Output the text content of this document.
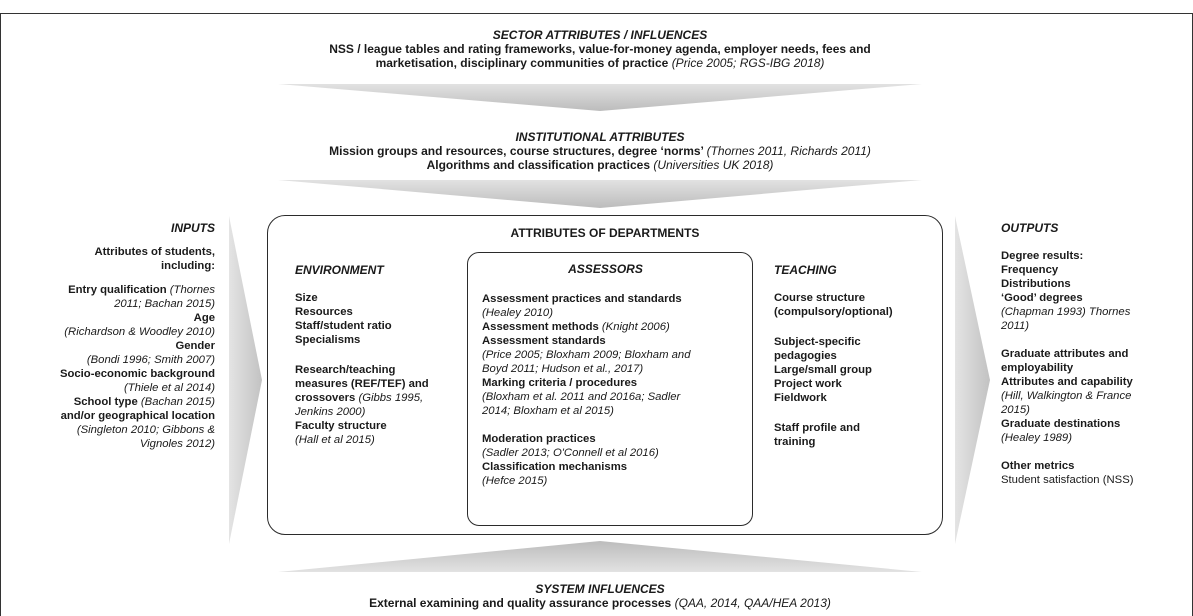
SECTOR ATTRIBUTES / INFLUENCES
NSS / league tables and rating frameworks, value-for-money agenda, employer needs, fees and
marketisation, disciplinary communities of practice (Price 2005; RGS-IBG 2018)
INSTITUTIONAL ATTRIBUTES
Mission groups and resources, course structures, degree ‘norms’ (Thornes 2011, Richards 2011)
Algorithms and classification practices (Universities UK 2018)
INPUTS
Attributes of students,
including:
Entry qualification (Thornes
2011; Bachan 2015)
Age
(Richardson & Woodley 2010)
Gender
(Bondi 1996; Smith 2007)
Socio-economic background
(Thiele et al 2014)
School type (Bachan 2015)
and/or geographical location
(Singleton 2010; Gibbons &
Vignoles 2012)
ATTRIBUTES OF DEPARTMENTS
ENVIRONMENT
Size
Resources
Staff/student ratio
Specialisms
Research/teaching
measures (REF/TEF) and
crossovers (Gibbs 1995,
Jenkins 2000)
Faculty structure
(Hall et al 2015)
ASSESSORS
Assessment practices and standards
(Healey 2010)
Assessment methods (Knight 2006)
Assessment standards
(Price 2005; Bloxham 2009; Bloxham and
Boyd 2011; Hudson et al., 2017)
Marking criteria / procedures
(Bloxham et al. 2011 and 2016a; Sadler
2014; Bloxham et al 2015)
Moderation practices
(Sadler 2013; O'Connell et al 2016)
Classification mechanisms
(Hefce 2015)
TEACHING
Course structure
(compulsory/optional)
Subject-specific
pedagogies
Large/small group
Project work
Fieldwork
Staff profile and
training
OUTPUTS
Degree results:
Frequency
Distributions
‘Good’ degrees
(Chapman 1993) Thornes
2011)
Graduate attributes and
employability
Attributes and capability
(Hill, Walkington & France
2015)
Graduate destinations
(Healey 1989)
Other metrics
Student satisfaction (NSS)
SYSTEM INFLUENCES
External examining and quality assurance processes (QAA, 2014, QAA/HEA 2013)
